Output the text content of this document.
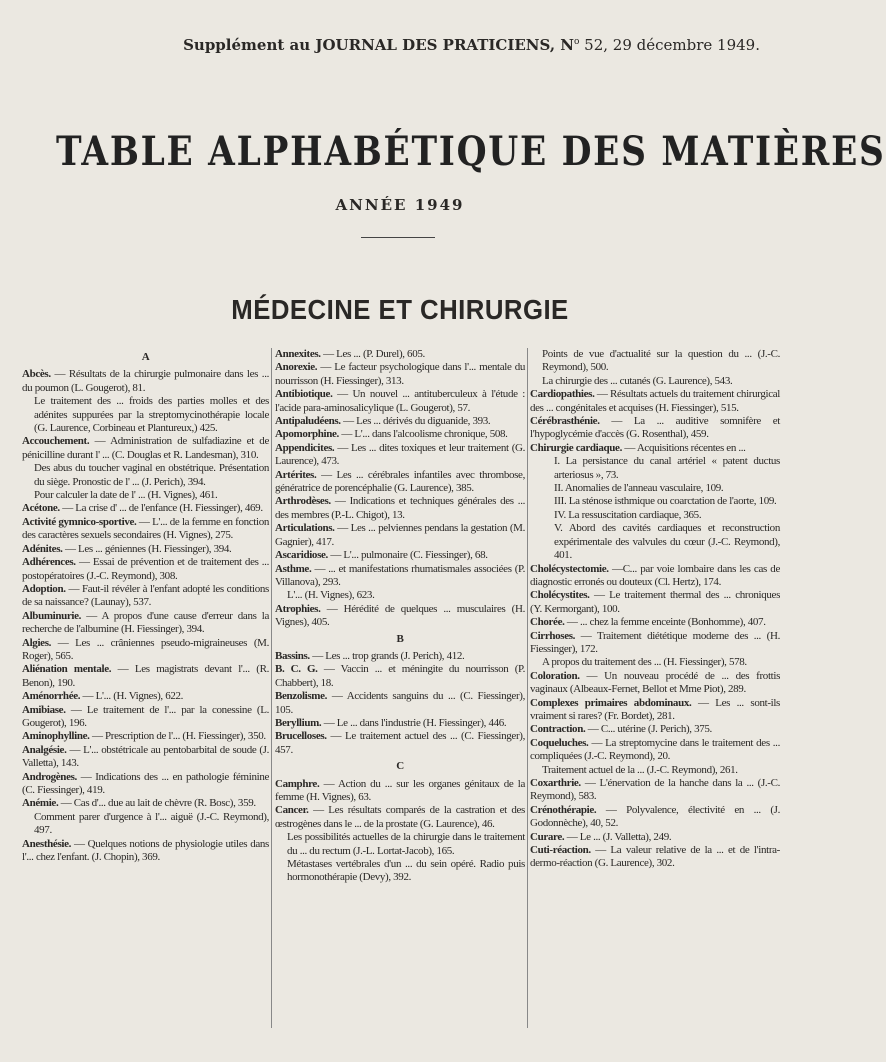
Supplément au JOURNAL DES PRATICIENS, $N^o$ 52, 29 décembre 1949.
TABLE ALPHABÉTIQUE DES MATIÈRES
ANNÉE 1949
MÉDECINE ET CHIRURGIE
A

Abcès. — Résultats de la chirurgie pulmonaire dans les ... du poumon (L. Gougerot), 81.

Le traitement des ... froids des parties molles et des adénites suppurées par la streptomycinothérapie locale (G. Laurence, Corbineau et Plantureux,) 425.

Accouchement. — Administration de sulfadiazine et de pénicilline durant l' ... (C. Douglas et R. Landesman), 310.

Des abus du toucher vaginal en obstétrique. Présentation du siège. Pronostic de l' ... (J. Perich), 394.

Pour calculer la date de l' ... (H. Vignes), 461.

Acétone. — La crise d' ... de l'enfance (H. Fiessinger), 469.

Activité gymnico-sportive. — L'... de la femme en fonction des caractères sexuels secondaires (H. Vignes), 275.

Adénites. — Les ... géniennes (H. Fiessinger), 394.

Adhérences. — Essai de prévention et de traitement des ... postopératoires (J.-C. Reymond), 308.

Adoption. — Faut-il révéler à l'enfant adopté les conditions de sa naissance? (Launay), 537.

Albuminurie. — A propos d'une cause d'erreur dans la recherche de l'albumine (H. Fiessinger), 394.

Algies. — Les ... crâniennes pseudo-migraineuses (M. Roger), 565.

Aliénation mentale. — Les magistrats devant l'... (R. Benon), 190.

Aménorrhée. — L'... (H. Vignes), 622.

Amibiase. — Le traitement de l'... par la conessine (L. Gougerot), 196.

Aminophylline. — Prescription de l'... (H. Fiessinger), 350.

Analgésie. — L'... obstétricale au pentobarbital de soude (J. Valletta), 143.

Androgènes. — Indications des ... en pathologie féminine (C. Fiessinger), 419.

Anémie. — Cas d'... due au lait de chèvre (R. Bosc), 359.

Comment parer d'urgence à l'... aiguë (J.-C. Reymond), 497.

Anesthésie. — Quelques notions de physiologie utiles dans l'... chez l'enfant. (J. Chopin), 369.

Annexites. — Les ... (P. Durel), 605.

Anorexie. — Le facteur psychologique dans l'... mentale du nourrisson (H. Fiessinger), 313.

Antibiotique. — Un nouvel ... antituberculeux à l'étude : l'acide para-aminosalicylique (L. Gougerot), 57.

Antipaludéens. — Les ... dérivés du diguanide, 393.

Apomorphine. — L'... dans l'alcoolisme chronique, 508.

Appendicites. — Les ... dites toxiques et leur traitement (G. Laurence), 473.

Artérites. — Les ... cérébrales infantiles avec thrombose, génératrice de porencéphalie (G. Laurence), 385.

Arthrodèses. — Indications et techniques générales des ... des membres (P.-L. Chigot), 13.

Articulations. — Les ... pelviennes pendans la gestation (M. Gagnier), 417.

Ascaridiose. — L'... pulmonaire (C. Fiessinger), 68.

Asthme. — ... et manifestations rhumatismales associées (P. Villanova), 293.

L'... (H. Vignes), 623.

Atrophies. — Hérédité de quelques ... musculaires (H. Vignes), 405.

B

Bassins. — Les ... trop grands (J. Perich), 412.

B. C. G. — Vaccin ... et méningite du nourrisson (P. Chabbert), 18.

Benzolisme. — Accidents sanguins du ... (C. Fiessinger), 105.

Beryllium. — Le ... dans l'industrie (H. Fiessinger), 446.

Brucelloses. — Le traitement actuel des ... (C. Fiessinger), 457.

C

Camphre. — Action du ... sur les organes génitaux de la femme (H. Vignes), 63.

Cancer. — Les résultats comparés de la castration et des œstrogènes dans le ... de la prostate (G. Laurence), 46.

Les possibilités actuelles de la chirurgie dans le traitement du ... du rectum (J.-L. Lortat-Jacob), 165.

Métastases vertébrales d'un ... du sein opéré. Radio puis hormonothérapie (Devy), 392.

Points de vue d'actualité sur la question du ... (J.-C. Reymond), 500.

La chirurgie des ... cutanés (G. Laurence), 543.

Cardiopathies. — Résultats actuels du traitement chirurgical des ... congénitales et acquises (H. Fiessinger), 515.

Cérébrasthénie. — La ... auditive somnifère et l'hypoglycémie d'accès (G. Rosenthal), 459.

Chirurgie cardiaque. — Acquisitions récentes en ...

I. La persistance du canal artériel « patent ductus arteriosus », 73.

II. Anomalies de l'anneau vasculaire, 109.

III. La sténose isthmique ou coarctation de l'aorte, 109.

IV. La ressuscitation cardiaque, 365.

V. Abord des cavités cardiaques et reconstruction expérimentale des valvules du cœur (J.-C. Reymond), 401.

Cholécystectomie. —C... par voie lombaire dans les cas de diagnostic erronés ou douteux (Cl. Hertz), 174.

Cholécystites. — Le traitement thermal des ... chroniques (Y. Kermorgant), 100.

Chorée. — ... chez la femme enceinte (Bonhomme), 407.

Cirrhoses. — Traitement diététique moderne des ... (H. Fiessinger), 172.

A propos du traitement des ... (H. Fiessinger), 578.

Coloration. — Un nouveau procédé de ... des frottis vaginaux (Albeaux-Fernet, Bellot et Mme Piot), 289.

Complexes primaires abdominaux. — Les ... sont-ils vraiment si rares? (Fr. Bordet), 281.

Contraction. — C... utérine (J. Perich), 375.

Coqueluches. — La streptomycine dans le traitement des ... compliquées (J.-C. Reymond), 20.

Traitement actuel de la ... (J.-C. Reymond), 261.

Coxarthrie. — L'énervation de la hanche dans la ... (J.-C. Reymond), 583.

Crénothérapie. — Polyvalence, électivité en ... (J. Godonnèche), 40, 52.

Curare. — Le ... (J. Valletta), 249.

Cuti-réaction. — La valeur relative de la ... et de l'intra-dermo-réaction (G. Laurence), 302.
